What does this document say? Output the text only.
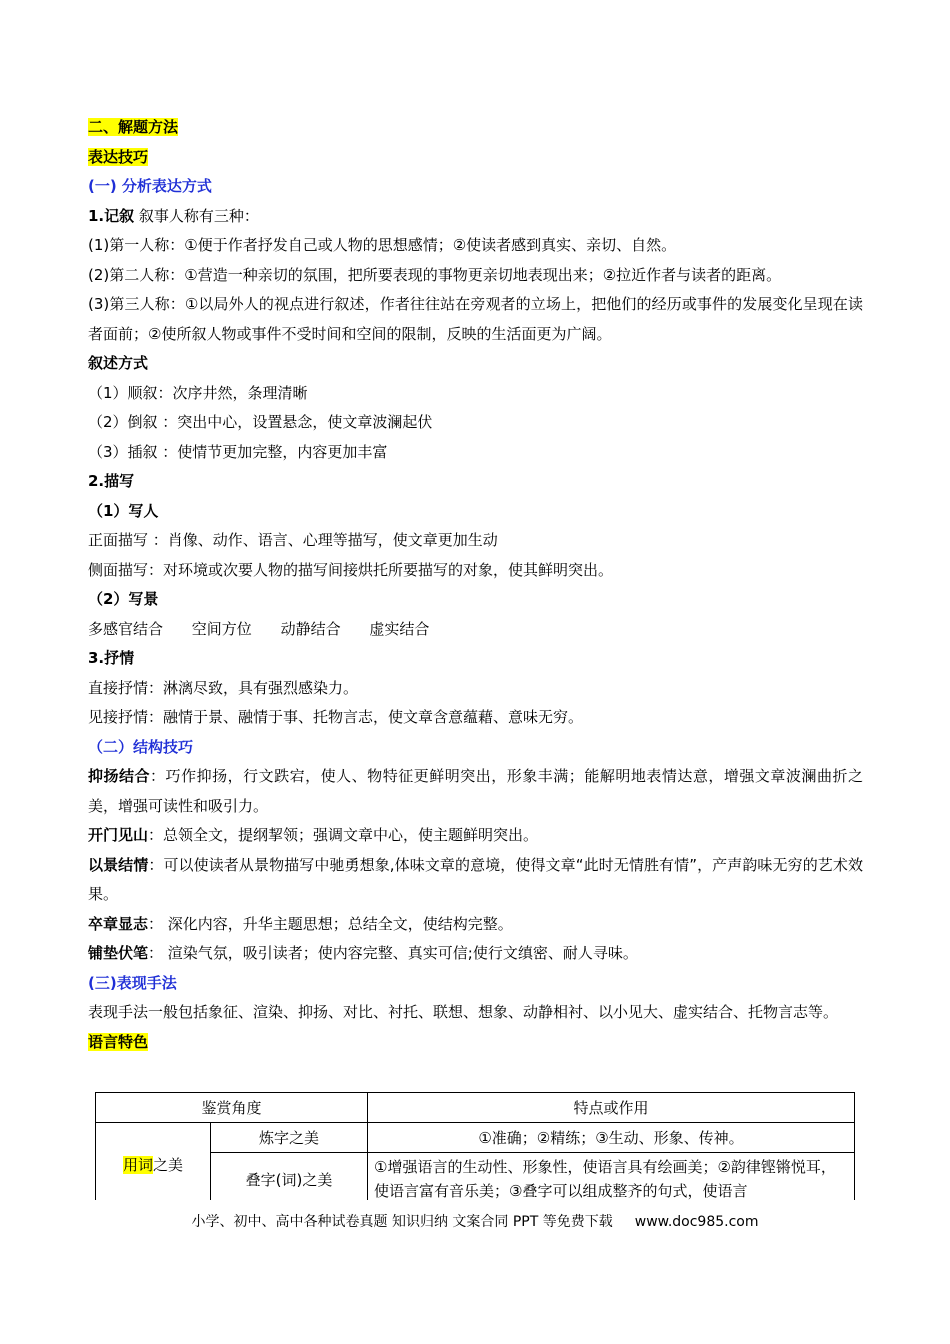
二、解题方法
表达技巧
(一) 分析表达方式
1.记叙 叙事人称有三种：
(1)第一人称：①便于作者抒发自己或人物的思想感情；②使读者感到真实、亲切、自然。
(2)第二人称：①营造一种亲切的氛围，把所要表现的事物更亲切地表现出来；②拉近作者与读者的距离。
(3)第三人称：①以局外人的视点进行叙述，作者往往站在旁观者的立场上，把他们的经历或事件的发展变化呈现在读者面前；②使所叙人物或事件不受时间和空间的限制，反映的生活面更为广阔。
叙述方式
（1）顺叙：次序井然，条理清晰
（2）倒叙 ：突出中心，设置悬念，使文章波澜起伏
（3）插叙 ：使情节更加完整，内容更加丰富
2.描写
（1）写人
正面描写 ：肖像、动作、语言、心理等描写，使文章更加生动
侧面描写：对环境或次要人物的描写间接烘托所要描写的对象，使其鲜明突出。
（2）写景
多感官结合 空间方位 动静结合 虚实结合
3.抒情
直接抒情：淋漓尽致，具有强烈感染力。
见接抒情：融情于景、融情于事、托物言志，使文章含意蕴藉、意味无穷。
（二）结构技巧
抑扬结合：巧作抑扬，行文跌宕，使人、物特征更鲜明突出，形象丰满；能解明地表情达意，增强文章波澜曲折之美，增强可读性和吸引力。
开门见山：总领全文，提纲挈领；强调文章中心，使主题鲜明突出。
以景结情：可以使读者从景物描写中驰勇想象,体味文章的意境，使得文章“此时无情胜有情”，产声韵味无穷的艺术效果。
卒章显志： 深化内容，升华主题思想；总结全文，使结构完整。
铺垫伏笔： 渲染气氛，吸引读者；使内容完整、真实可信;使行文缜密、耐人寻味。
(三)表现手法
表现手法一般包括象征、渲染、抑扬、对比、衬托、联想、想象、动静相衬、以小见大、虚实结合、托物言志等。
语言特色
鉴赏角度		特点或作用
用词之美	炼字之美	①准确；②精练；③生动、形象、传神。
	叠字(词)之美	①增强语言的生动性、形象性，使语言具有绘画美；②韵律铿锵悦耳，使语言富有音乐美；③叠字可以组成整齐的句式，使语言
小学、初中、高中各种试卷真题 知识归纳 文案合同 PPT 等免费下载 www.doc985.com
